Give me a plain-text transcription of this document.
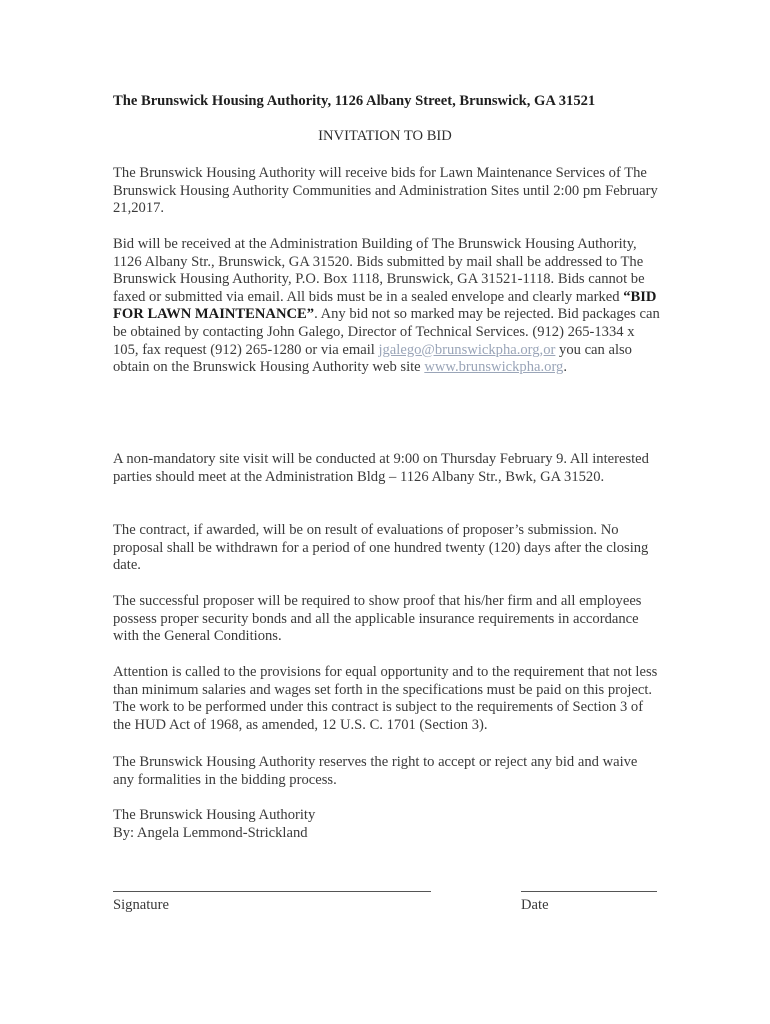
The Brunswick Housing Authority, 1126 Albany Street, Brunswick, GA 31521
INVITATION TO BID
The Brunswick Housing Authority will receive bids for Lawn Maintenance Services of The Brunswick Housing Authority Communities and Administration Sites until 2:00 pm February 21,2017.
Bid will be received at the Administration Building of The Brunswick Housing Authority, 1126 Albany Str., Brunswick, GA 31520. Bids submitted by mail shall be addressed to The Brunswick Housing Authority, P.O. Box 1118, Brunswick, GA 31521-1118. Bids cannot be faxed or submitted via email. All bids must be in a sealed envelope and clearly marked “BID FOR LAWN MAINTENANCE”. Any bid not so marked may be rejected. Bid packages can be obtained by contacting John Galego, Director of Technical Services. (912) 265-1334 x 105, fax request (912) 265-1280 or via email jgalego@brunswickpha.org,or you can also obtain on the Brunswick Housing Authority web site www.brunswickpha.org.
A non-mandatory site visit will be conducted at 9:00 on Thursday February 9. All interested parties should meet at the Administration Bldg – 1126 Albany Str., Bwk, GA 31520.
The contract, if awarded, will be on result of evaluations of proposer’s submission. No proposal shall be withdrawn for a period of one hundred twenty (120) days after the closing date.
The successful proposer will be required to show proof that his/her firm and all employees possess proper security bonds and all the applicable insurance requirements in accordance with the General Conditions.
Attention is called to the provisions for equal opportunity and to the requirement that not less than minimum salaries and wages set forth in the specifications must be paid on this project. The work to be performed under this contract is subject to the requirements of Section 3 of the HUD Act of 1968, as amended, 12 U.S. C. 1701 (Section 3).
The Brunswick Housing Authority reserves the right to accept or reject any bid and waive any formalities in the bidding process.
The Brunswick Housing Authority
By: Angela Lemmond-Strickland
Signature	Date
